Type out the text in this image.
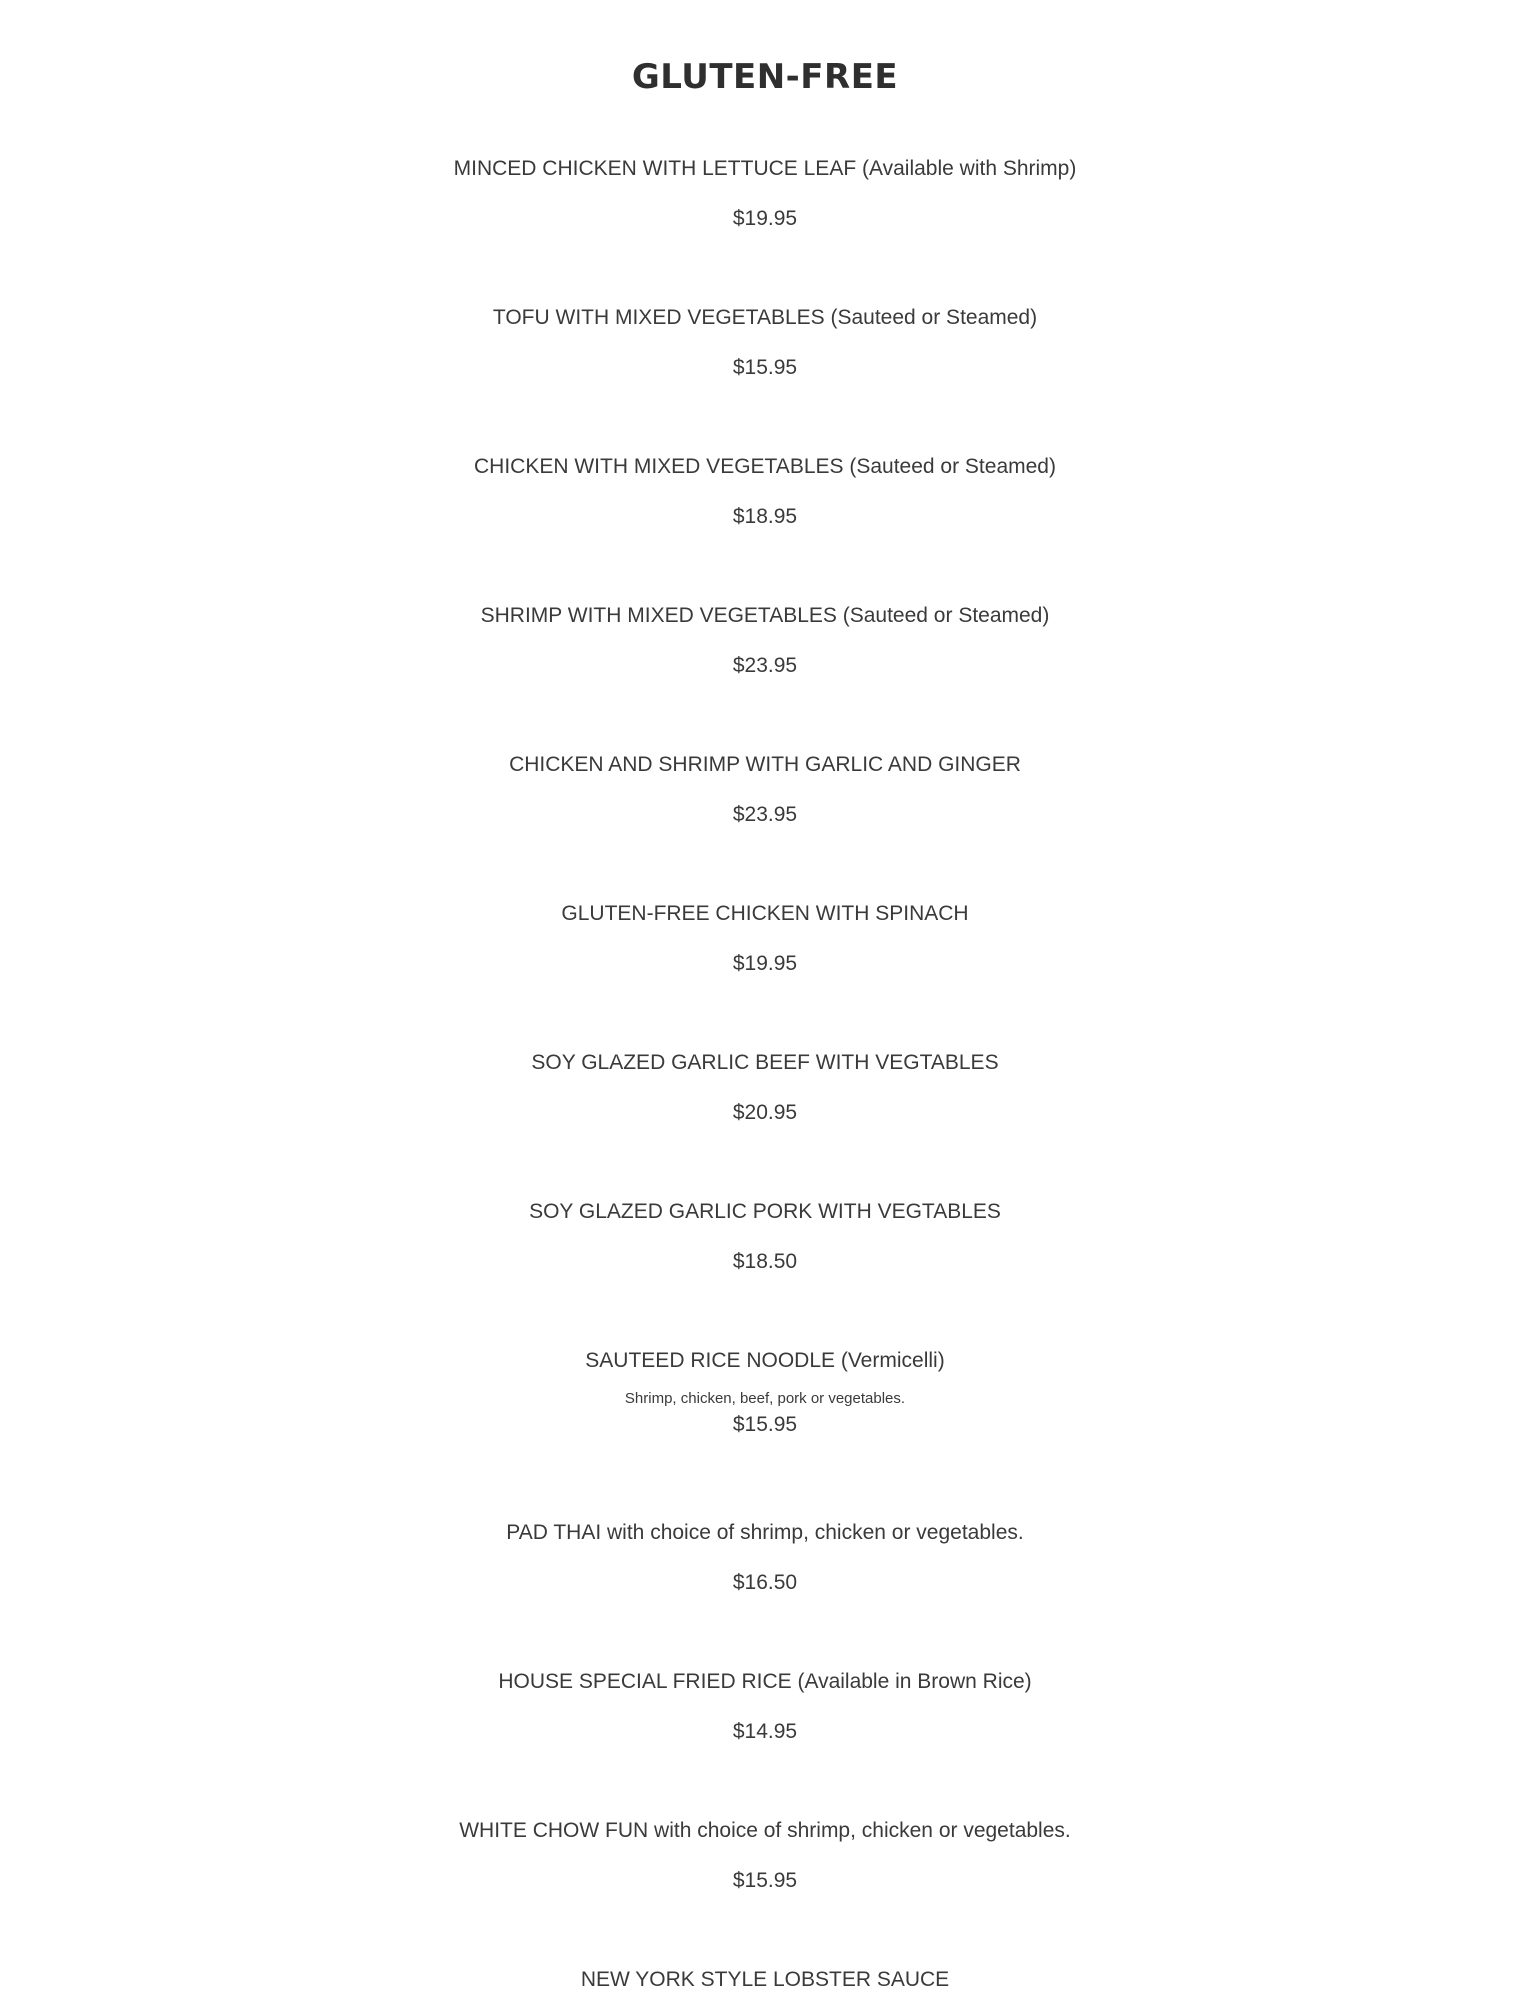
GLUTEN-FREE
MINCED CHICKEN WITH LETTUCE LEAF (Available with Shrimp)
$19.95
TOFU WITH MIXED VEGETABLES (Sauteed or Steamed)
$15.95
CHICKEN WITH MIXED VEGETABLES (Sauteed or Steamed)
$18.95
SHRIMP WITH MIXED VEGETABLES (Sauteed or Steamed)
$23.95
CHICKEN AND SHRIMP WITH GARLIC AND GINGER
$23.95
GLUTEN-FREE CHICKEN WITH SPINACH
$19.95
SOY GLAZED GARLIC BEEF WITH VEGTABLES
$20.95
SOY GLAZED GARLIC PORK WITH VEGTABLES
$18.50
SAUTEED RICE NOODLE (Vermicelli)
Shrimp, chicken, beef, pork or vegetables.
$15.95
PAD THAI with choice of shrimp, chicken or vegetables.
$16.50
HOUSE SPECIAL FRIED RICE (Available in Brown Rice)
$14.95
WHITE CHOW FUN with choice of shrimp, chicken or vegetables.
$15.95
NEW YORK STYLE LOBSTER SAUCE
